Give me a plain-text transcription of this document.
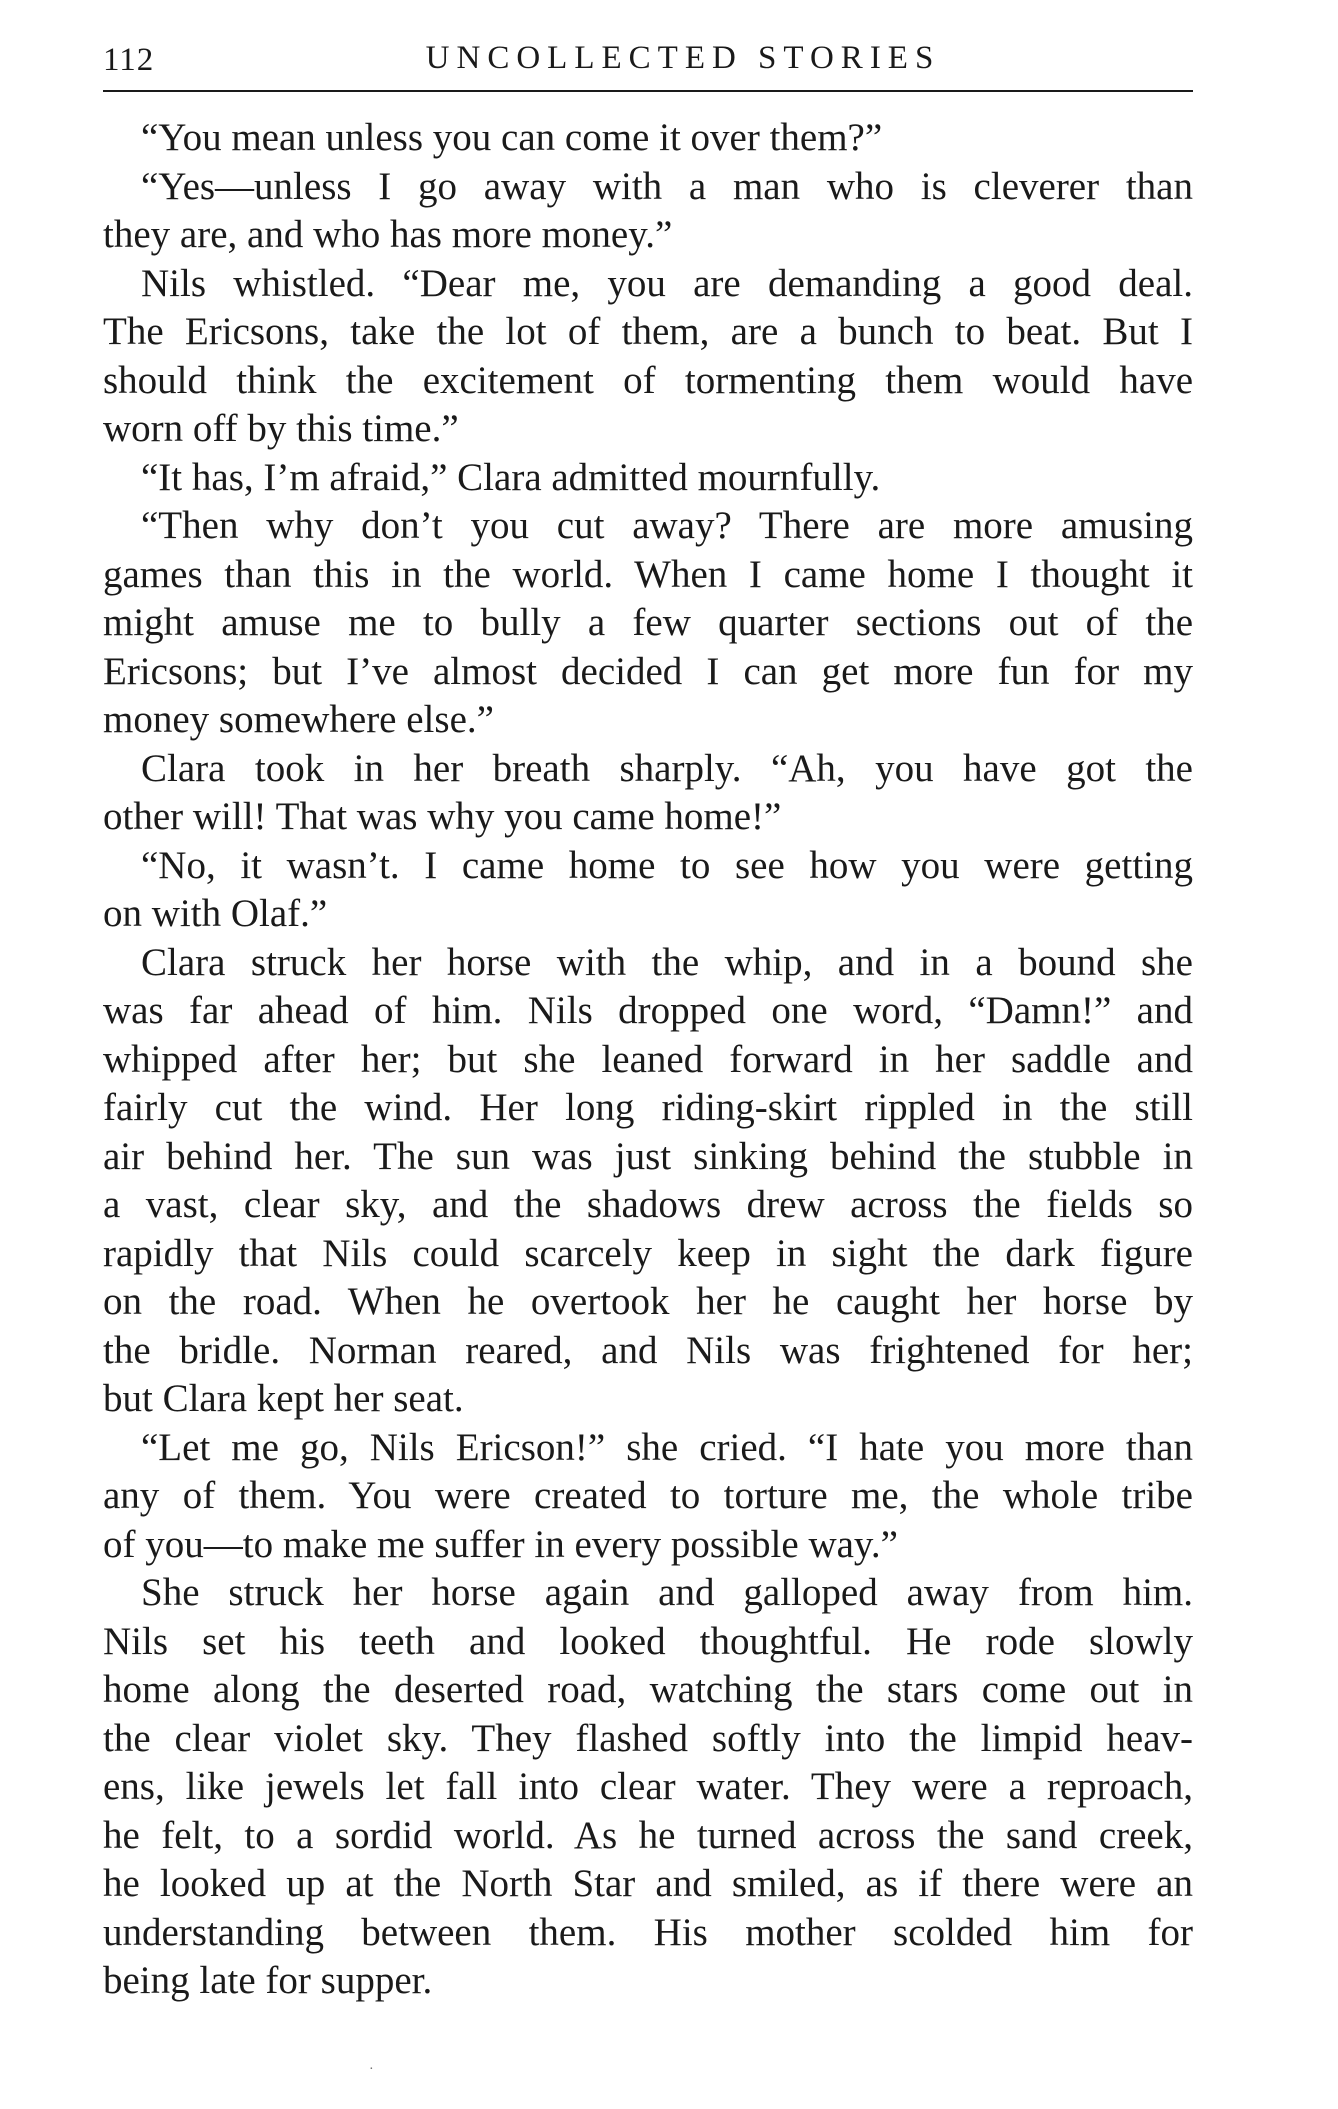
112	UNCOLLECTED STORIES
“You mean unless you can come it over them?”
“Yes—unless I go away with a man who is cleverer than
they are, and who has more money.”
Nils whistled. “Dear me, you are demanding a good deal.
The Ericsons, take the lot of them, are a bunch to beat. But I
should think the excitement of tormenting them would have
worn off by this time.”
“It has, I’m afraid,” Clara admitted mournfully.
“Then why don’t you cut away? There are more amusing
games than this in the world. When I came home I thought it
might amuse me to bully a few quarter sections out of the
Ericsons; but I’ve almost decided I can get more fun for my
money somewhere else.”
Clara took in her breath sharply. “Ah, you have got the
other will! That was why you came home!”
“No, it wasn’t. I came home to see how you were getting
on with Olaf.”
Clara struck her horse with the whip, and in a bound she
was far ahead of him. Nils dropped one word, “Damn!” and
whipped after her; but she leaned forward in her saddle and
fairly cut the wind. Her long riding-skirt rippled in the still
air behind her. The sun was just sinking behind the stubble in
a vast, clear sky, and the shadows drew across the fields so
rapidly that Nils could scarcely keep in sight the dark figure
on the road. When he overtook her he caught her horse by
the bridle. Norman reared, and Nils was frightened for her;
but Clara kept her seat.
“Let me go, Nils Ericson!” she cried. “I hate you more than
any of them. You were created to torture me, the whole tribe
of you—to make me suffer in every possible way.”
She struck her horse again and galloped away from him.
Nils set his teeth and looked thoughtful. He rode slowly
home along the deserted road, watching the stars come out in
the clear violet sky. They flashed softly into the limpid heav-
ens, like jewels let fall into clear water. They were a reproach,
he felt, to a sordid world. As he turned across the sand creek,
he looked up at the North Star and smiled, as if there were an
understanding between them. His mother scolded him for
being late for supper.
·
